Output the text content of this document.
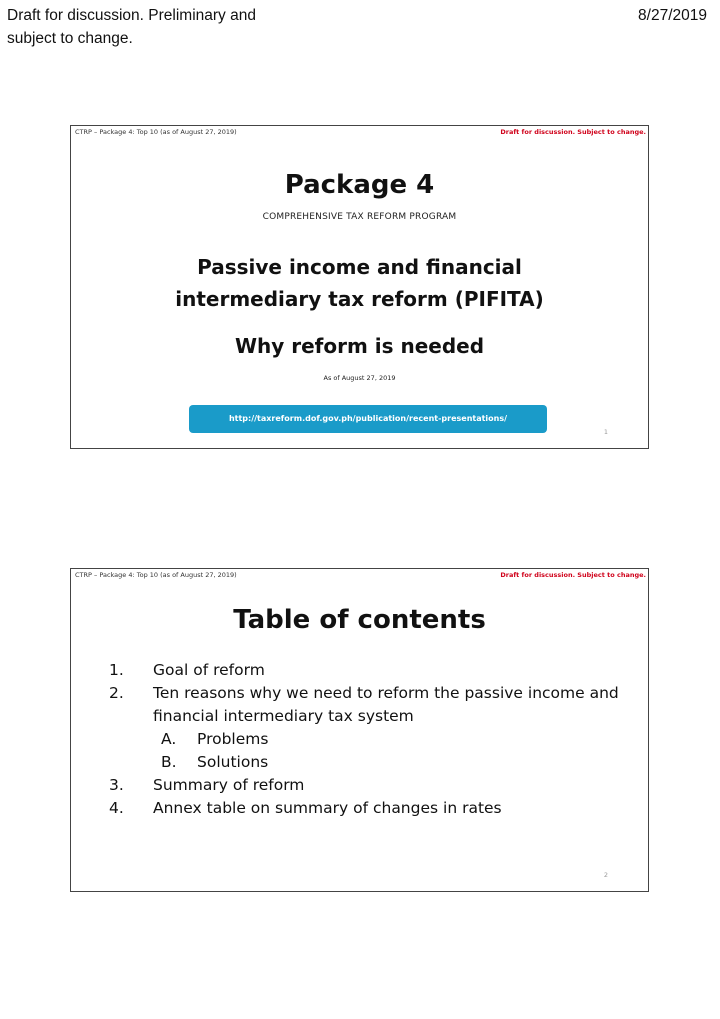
Draft for discussion. Preliminary and subject to change.
8/27/2019
CTRP – Package 4: Top 10 (as of August 27, 2019)	Draft for discussion. Subject to change.
Package 4
COMPREHENSIVE TAX REFORM PROGRAM
Passive income and financial
intermediary tax reform (PIFITA)
Why reform is needed
As of August 27, 2019
http://taxreform.dof.gov.ph/publication/recent-presentations/
1
CTRP – Package 4: Top 10 (as of August 27, 2019)	Draft for discussion. Subject to change.
Table of contents
1.	Goal of reform
2.	Ten reasons why we need to reform the passive income and financial intermediary tax system
A.	Problems
B.	Solutions
3.	Summary of reform
4.	Annex table on summary of changes in rates
2
